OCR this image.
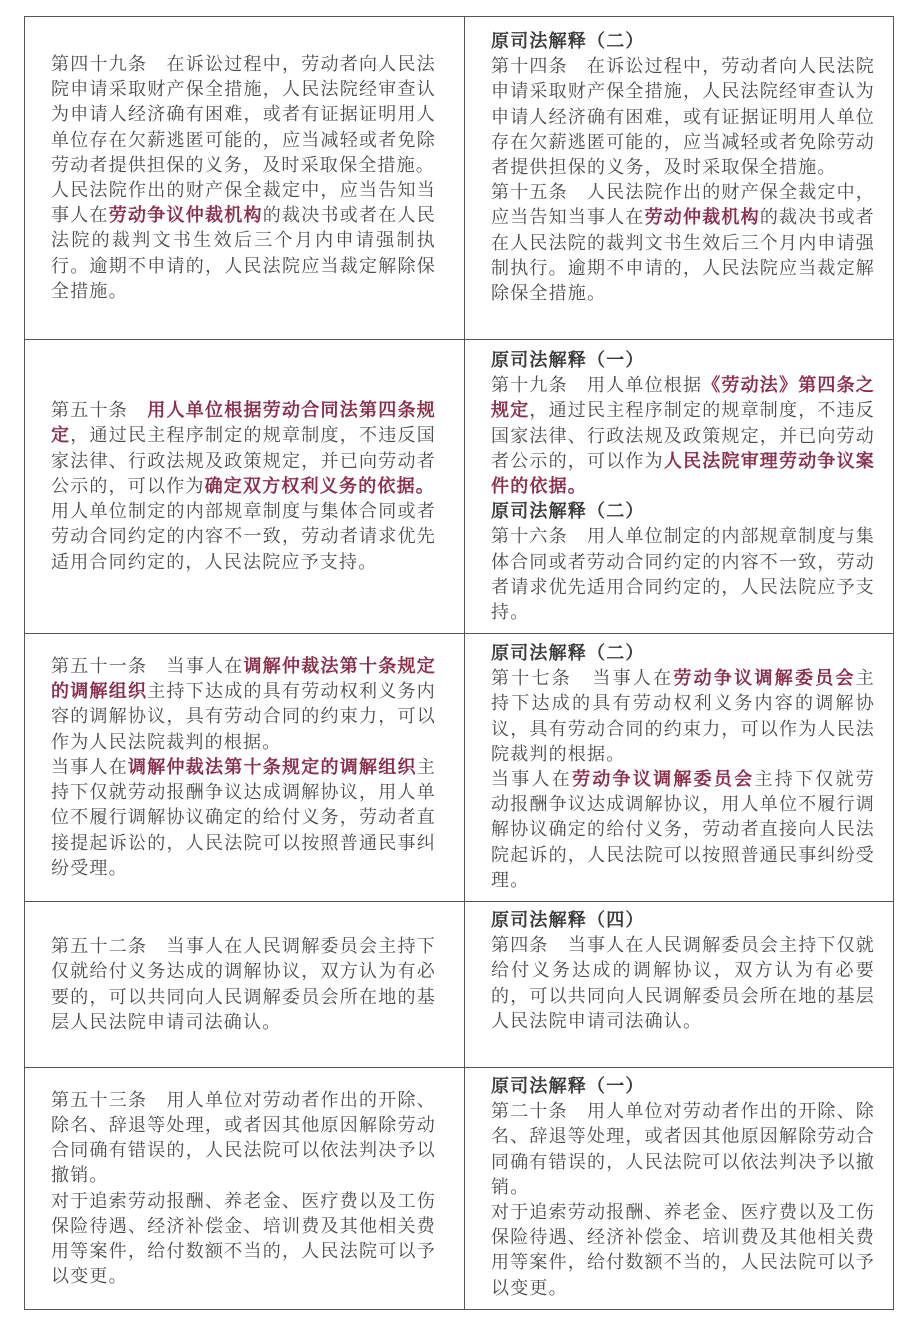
第四十九条　在诉讼过程中，劳动者向人民法院申请采取财产保全措施，人民法院经审查认为申请人经济确有困难，或者有证据证明用人单位存在欠薪逃匿可能的，应当减轻或者免除劳动者提供担保的义务，及时采取保全措施。

人民法院作出的财产保全裁定中，应当告知当事人在劳动争议仲裁机构的裁决书或者在人民法院的裁判文书生效后三个月内申请强制执行。逾期不申请的，人民法院应当裁定解除保全措施。

原司法解释（二）

第十四条　在诉讼过程中，劳动者向人民法院申请采取财产保全措施，人民法院经审查认为申请人经济确有困难，或有证据证明用人单位存在欠薪逃匿可能的，应当减轻或者免除劳动者提供担保的义务，及时采取保全措施。

第十五条　人民法院作出的财产保全裁定中，应当告知当事人在劳动仲裁机构的裁决书或者在人民法院的裁判文书生效后三个月内申请强制执行。逾期不申请的，人民法院应当裁定解除保全措施。

第五十条　用人单位根据劳动合同法第四条规定，通过民主程序制定的规章制度，不违反国家法律、行政法规及政策规定，并已向劳动者公示的，可以作为确定双方权利义务的依据。

用人单位制定的内部规章制度与集体合同或者劳动合同约定的内容不一致，劳动者请求优先适用合同约定的，人民法院应予支持。

原司法解释（一）

第十九条　用人单位根据《劳动法》第四条之规定，通过民主程序制定的规章制度，不违反国家法律、行政法规及政策规定，并已向劳动者公示的，可以作为人民法院审理劳动争议案件的依据。

原司法解释（二）

第十六条　用人单位制定的内部规章制度与集体合同或者劳动合同约定的内容不一致，劳动者请求优先适用合同约定的，人民法院应予支持。

第五十一条　当事人在调解仲裁法第十条规定的调解组织主持下达成的具有劳动权利义务内容的调解协议，具有劳动合同的约束力，可以作为人民法院裁判的根据。

当事人在调解仲裁法第十条规定的调解组织主持下仅就劳动报酬争议达成调解协议，用人单位不履行调解协议确定的给付义务，劳动者直接提起诉讼的，人民法院可以按照普通民事纠纷受理。

原司法解释（二）

第十七条　当事人在劳动争议调解委员会主持下达成的具有劳动权利义务内容的调解协议，具有劳动合同的约束力，可以作为人民法院裁判的根据。

当事人在劳动争议调解委员会主持下仅就劳动报酬争议达成调解协议，用人单位不履行调解协议确定的给付义务，劳动者直接向人民法院起诉的，人民法院可以按照普通民事纠纷受理。

第五十二条　当事人在人民调解委员会主持下仅就给付义务达成的调解协议，双方认为有必要的，可以共同向人民调解委员会所在地的基层人民法院申请司法确认。

原司法解释（四）

第四条　当事人在人民调解委员会主持下仅就给付义务达成的调解协议，双方认为有必要的，可以共同向人民调解委员会所在地的基层人民法院申请司法确认。

第五十三条　用人单位对劳动者作出的开除、除名、辞退等处理，或者因其他原因解除劳动合同确有错误的，人民法院可以依法判决予以撤销。

对于追索劳动报酬、养老金、医疗费以及工伤保险待遇、经济补偿金、培训费及其他相关费用等案件，给付数额不当的，人民法院可以予以变更。

原司法解释（一）

第二十条　用人单位对劳动者作出的开除、除名、辞退等处理，或者因其他原因解除劳动合同确有错误的，人民法院可以依法判决予以撤销。

对于追索劳动报酬、养老金、医疗费以及工伤保险待遇、经济补偿金、培训费及其他相关费用等案件，给付数额不当的，人民法院可以予以变更。
